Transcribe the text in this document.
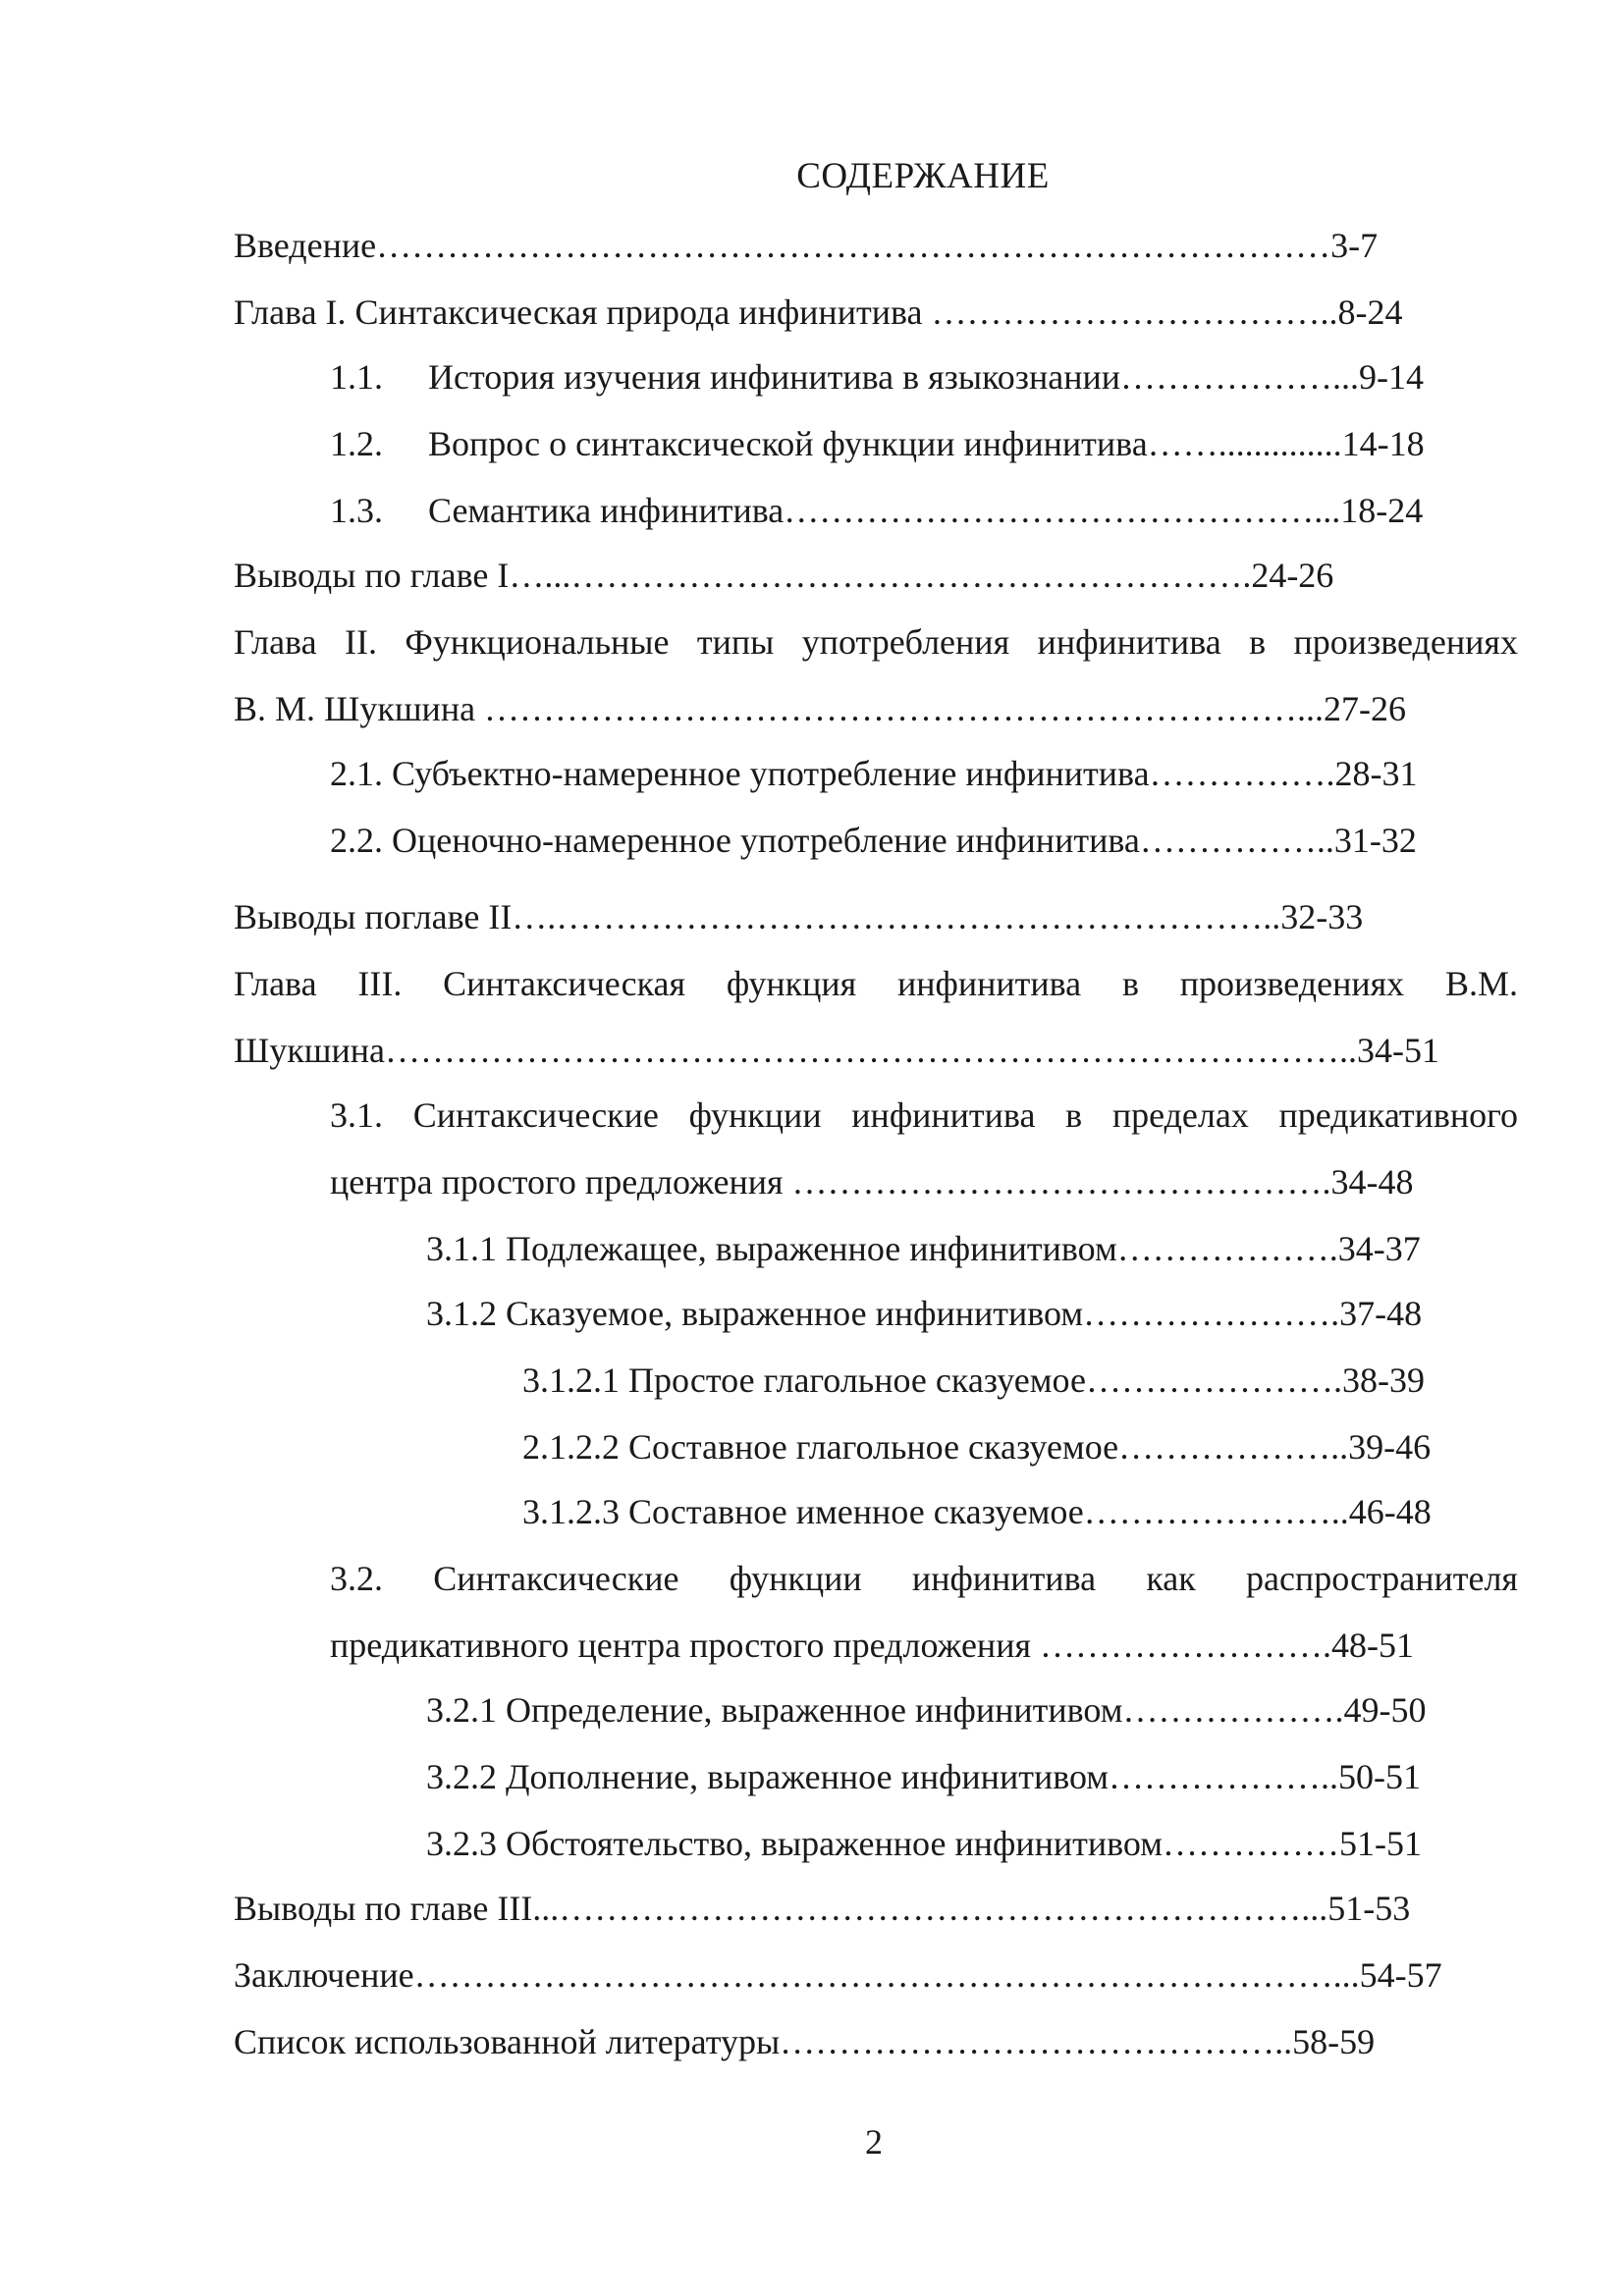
СОДЕРЖАНИЕ
Введение………………………………………………………………………3-7
Глава I. Синтаксическая природа инфинитива ……………………………..8-24
1.1. История изучения инфинитива в языкознании………………...9-14
1.2. Вопрос о синтаксической функции инфинитива……..............14-18
1.3. Семантика инфинитива………………………………………...18-24
Выводы по главе I…...………………………………………………….24-26
Глава II. Функциональные типы употребления инфинитива в произведениях
В. М. Шукшина ……………………………………………………………...27-26
2.1. Субъектно-намеренное употребление инфинитива…………….28-31
2.2. Оценочно-намеренное употребление инфинитива……………..31-32
Выводы поглаве II….……………………………………………………..32-33
Глава III. Синтаксическая функция инфинитива в произведениях В.М.
Шукшина………………………………………………………………………..34-51
3.1. Синтаксические функции инфинитива в пределах предикативного
центра простого предложения ……………………………………….34-48
3.1.1 Подлежащее, выраженное инфинитивом……………….34-37
3.1.2 Сказуемое, выраженное инфинитивом………………….37-48
3.1.2.1 Простое глагольное сказуемое………………….38-39
2.1.2.2 Составное глагольное сказуемое………………..39-46
3.1.2.3 Составное именное сказуемое…………………..46-48
3.2. Синтаксические функции инфинитива как распространителя
предикативного центра простого предложения …………………….48-51
3.2.1 Определение, выраженное инфинитивом……………….49-50
3.2.2 Дополнение, выраженное инфинитивом………………..50-51
3.2.3 Обстоятельство, выраженное инфинитивом……………51-51
Выводы по главе III...………………………………………………………...51-53
Заключение……………………………………………………………………...54-57
Список использованной литературы……………………………………..58-59
2
